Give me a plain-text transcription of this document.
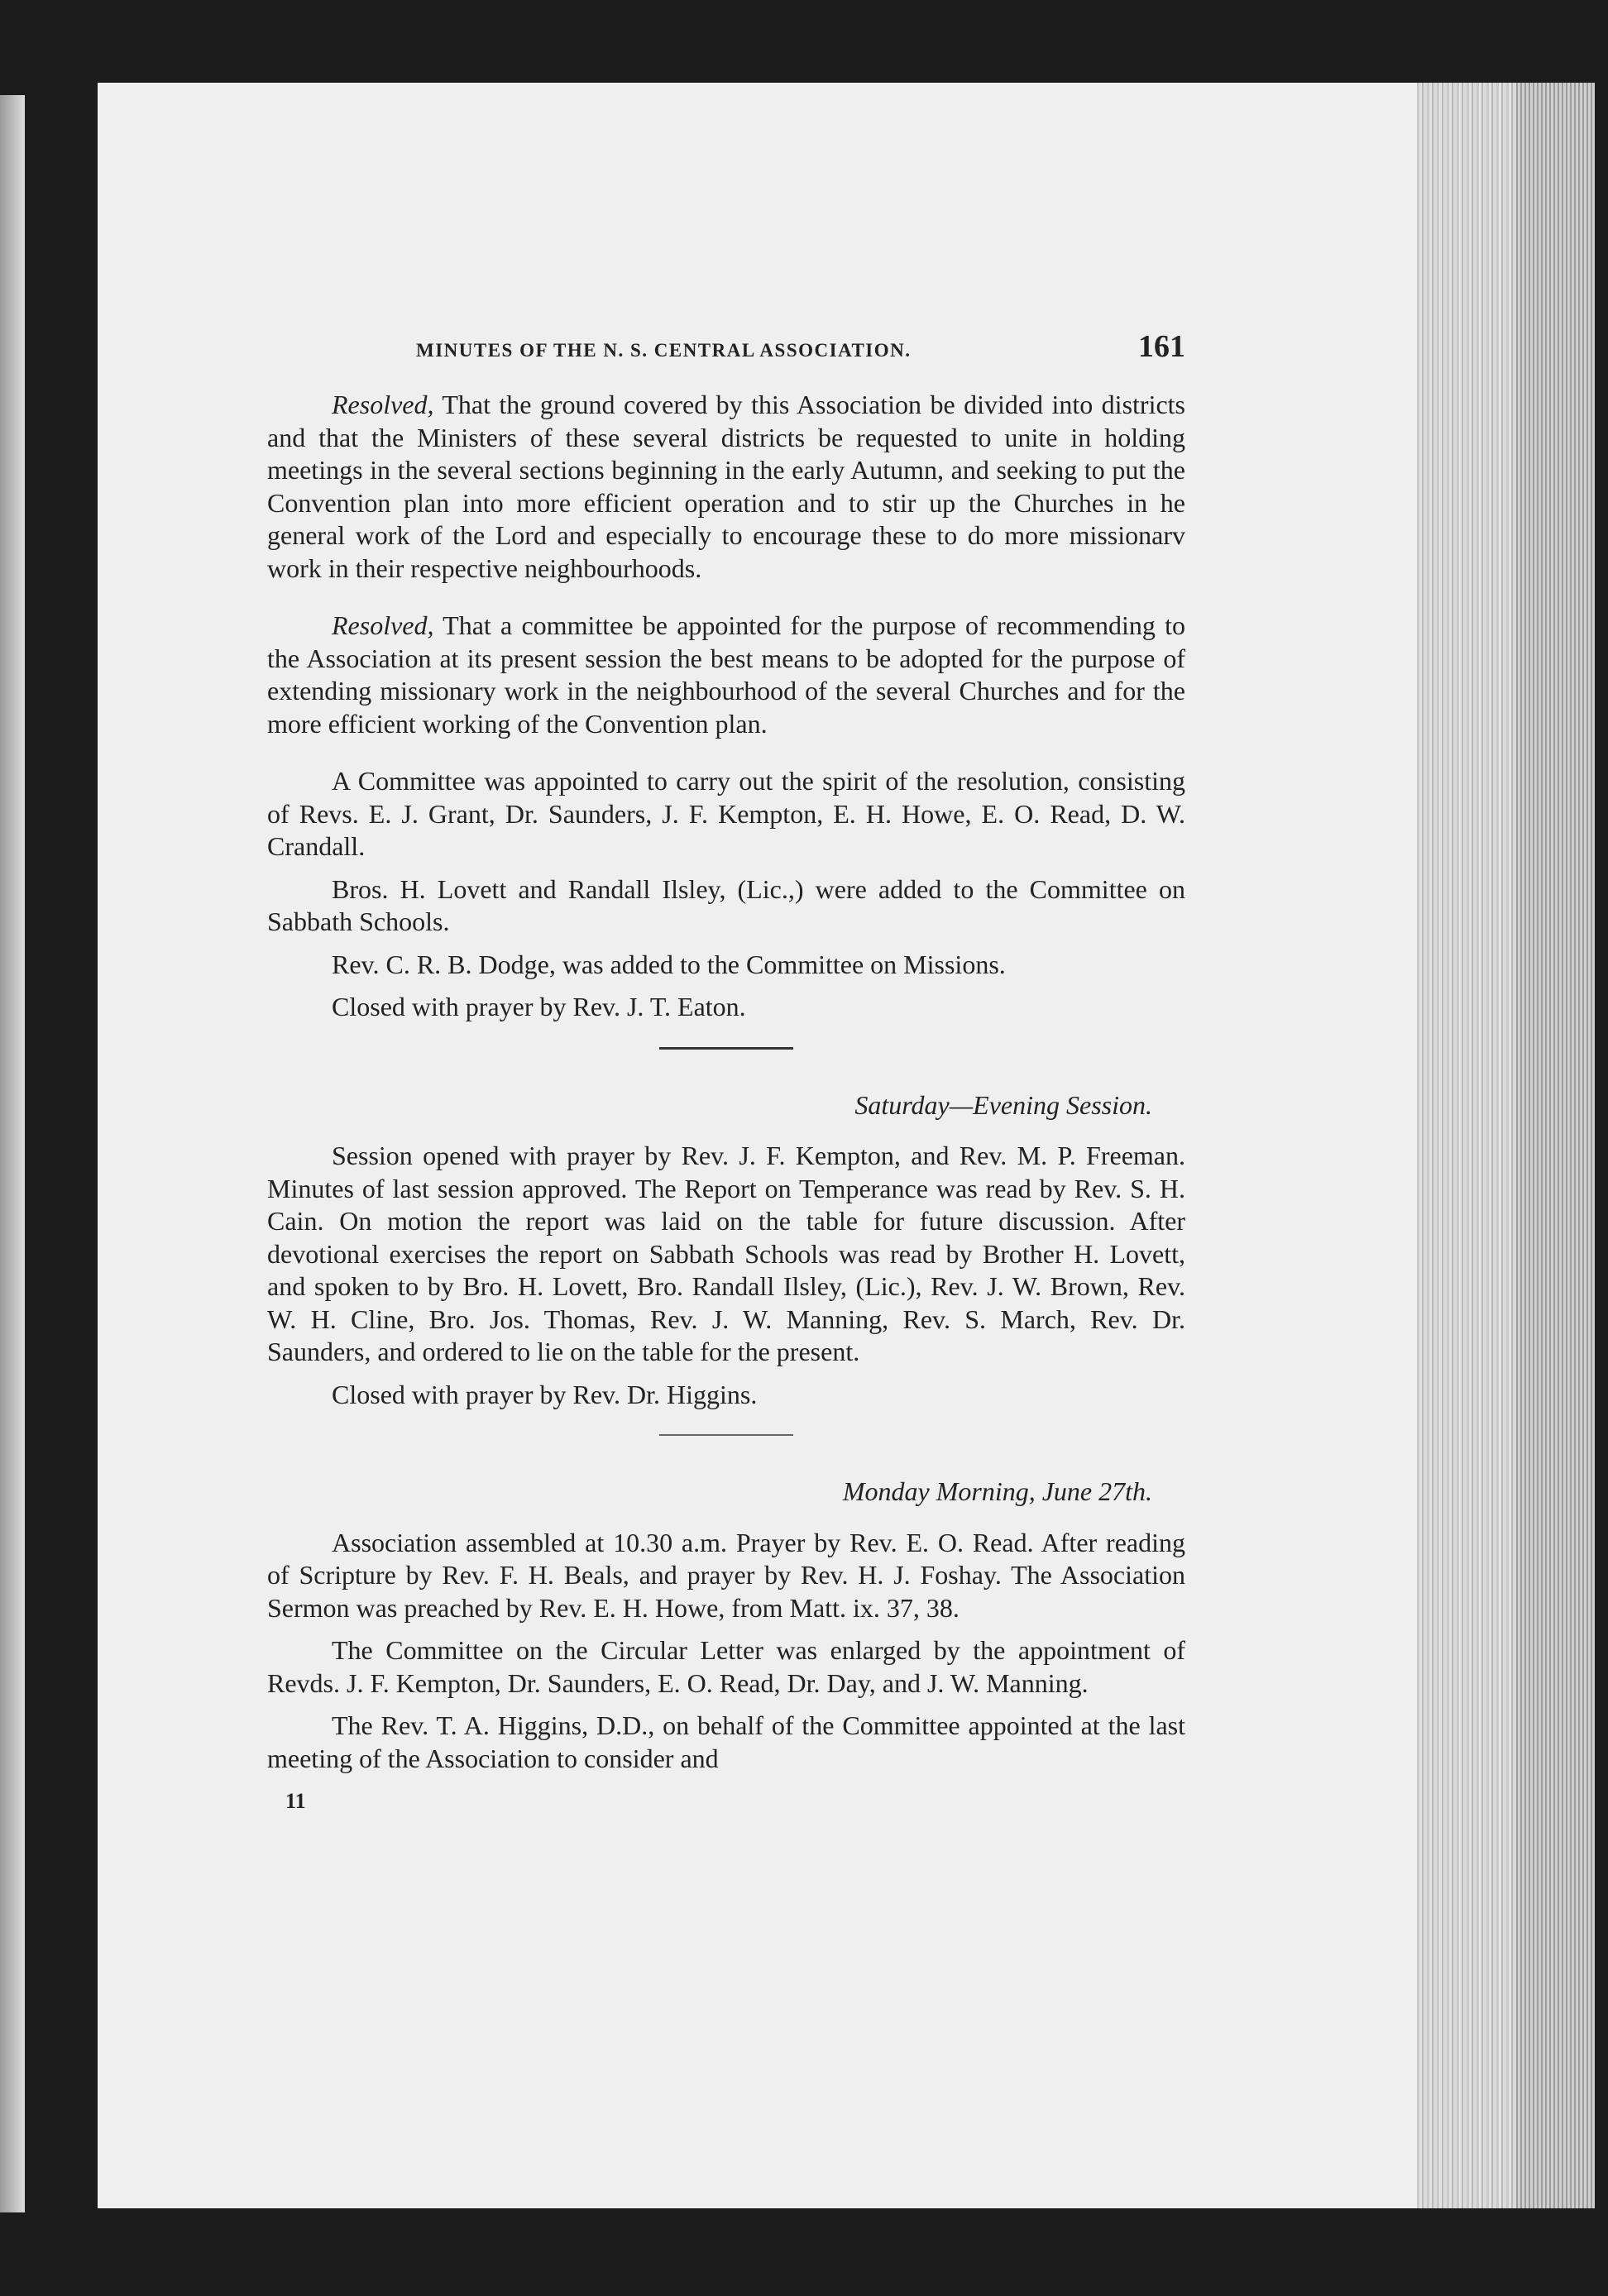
MINUTES OF THE N. S. CENTRAL ASSOCIATION.	161

Resolved, That the ground covered by this Association be divided into districts and that the Ministers of these several districts be requested to unite in holding meetings in the several sections beginning in the early Autumn, and seeking to put the Convention plan into more efficient operation and to stir up the Churches in he general work of the Lord and especially to encourage these to do more missionarv work in their respective neighbourhoods.

Resolved, That a committee be appointed for the purpose of recommending to the Association at its present session the best means to be adopted for the purpose of extending missionary work in the neighbourhood of the several Churches and for the more efficient working of the Convention plan.

A Committee was appointed to carry out the spirit of the resolution, consisting of Revs. E. J. Grant, Dr. Saunders, J. F. Kempton, E. H. Howe, E. O. Read, D. W. Crandall.

Bros. H. Lovett and Randall Ilsley, (Lic.,) were added to the Committee on Sabbath Schools.

Rev. C. R. B. Dodge, was added to the Committee on Missions.

Closed with prayer by Rev. J. T. Eaton.

Saturday—Evening Session.

Session opened with prayer by Rev. J. F. Kempton, and Rev. M. P. Freeman. Minutes of last session approved. The Report on Temperance was read by Rev. S. H. Cain. On motion the report was laid on the table for future discussion. After devotional exercises the report on Sabbath Schools was read by Brother H. Lovett, and spoken to by Bro. H. Lovett, Bro. Randall Ilsley, (Lic.), Rev. J. W. Brown, Rev. W. H. Cline, Bro. Jos. Thomas, Rev. J. W. Manning, Rev. S. March, Rev. Dr. Saunders, and ordered to lie on the table for the present.

Closed with prayer by Rev. Dr. Higgins.

Monday Morning, June 27th.

Association assembled at 10.30 a.m. Prayer by Rev. E. O. Read. After reading of Scripture by Rev. F. H. Beals, and prayer by Rev. H. J. Foshay. The Association Sermon was preached by Rev. E. H. Howe, from Matt. ix. 37, 38.

The Committee on the Circular Letter was enlarged by the appointment of Revds. J. F. Kempton, Dr. Saunders, E. O. Read, Dr. Day, and J. W. Manning.

The Rev. T. A. Higgins, D.D., on behalf of the Committee appointed at the last meeting of the Association to consider and

11
